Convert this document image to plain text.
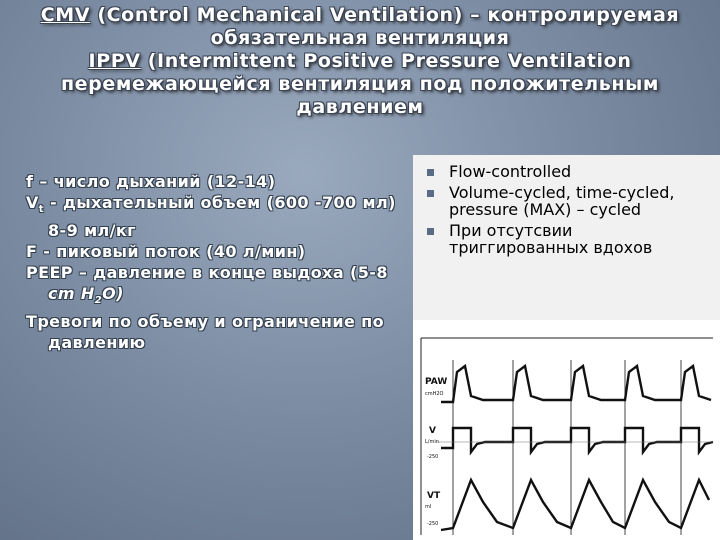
CMV (Control Mechanical Ventilation) – контролируемая
обязательная вентиляция
IPPV (Intermittent Positive Pressure Ventilation
перемежающейся вентиляция под положительным
давлением

f – число дыханий (12-14)

$V_t$ - дыхательный объем (600 -700 мл) 8-9 мл/кг

F - пиковый поток (40 л/мин)

PEEP – давление в конце выдоха (5-8 cm $H_2O$)

Тревоги по объему и ограничение по давлению

Flow-controlled
Volume-cycled, time-cycled, pressure (MAX) – cycled
При отсутсвии триггированных вдохов
PAW
cmH2O
V
L/min
-250
VT
ml
-250
